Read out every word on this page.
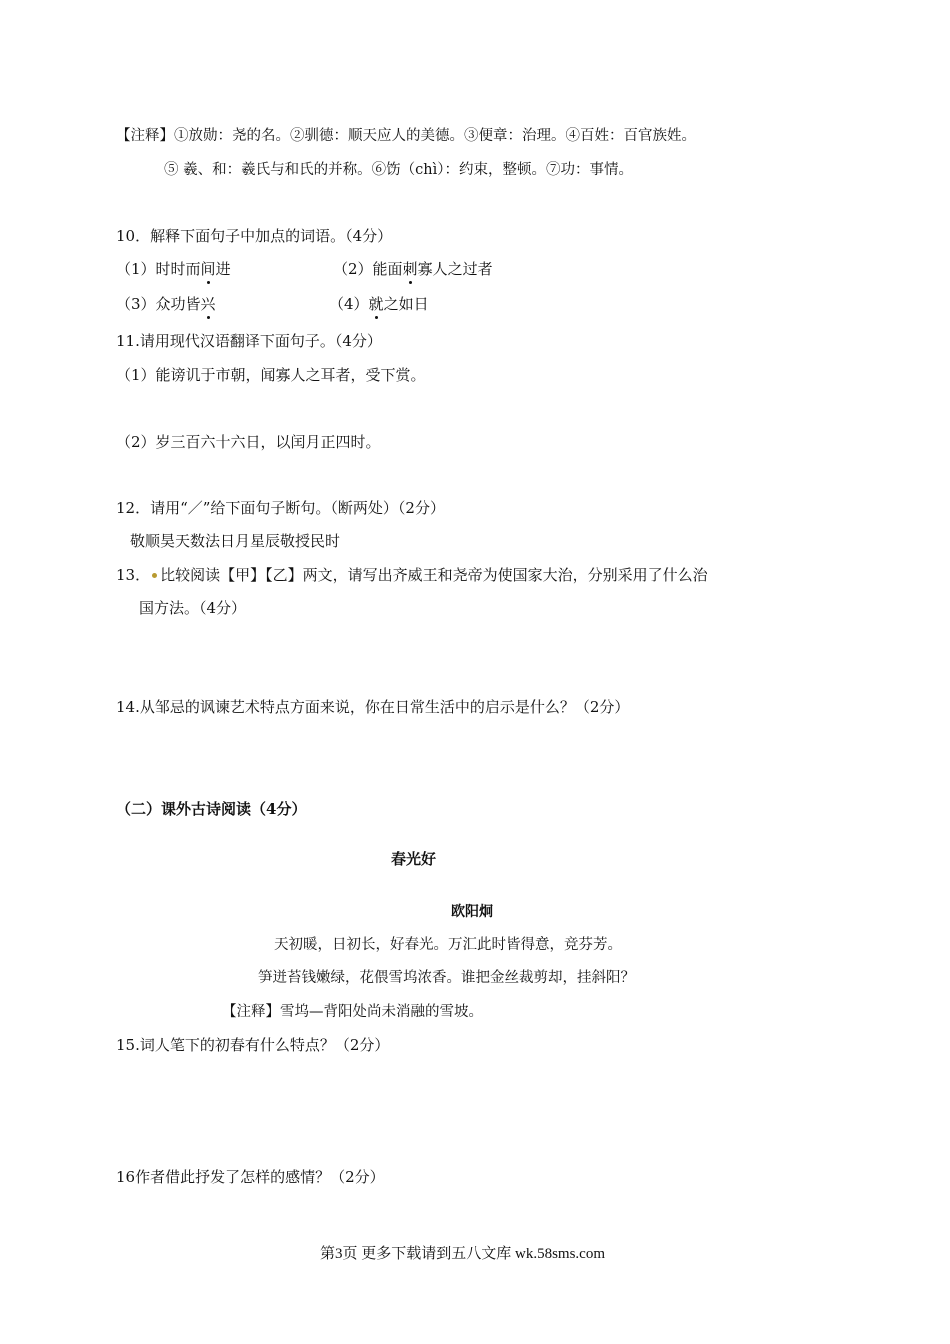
【注释】①放勋：尧的名。②驯德：顺天应人的美德。③便章：治理。④百姓：百官族姓。
⑤ 羲、和：羲氏与和氏的并称。⑥饬（chì）：约束，整顿。⑦功：事情。
10．解释下面句子中加点的词语。（4分）
（1）时时而间进	（2）能面刺寡人之过者
（3）众功皆兴	（4）就之如日
11.请用现代汉语翻译下面句子。（4分）
（1）能谤讥于市朝，闻寡人之耳者，受下赏。
（2）岁三百六十六日，以闰月正四时。
12．请用“／”给下面句子断句。（断两处）（2分）
敬顺昊天数法日月星辰敬授民时
13． 比较阅读【甲】【乙】两文，请写出齐威王和尧帝为使国家大治，分别采用了什么治
国方法。（4分）
14.从邹忌的讽谏艺术特点方面来说，你在日常生活中的启示是什么？（2分）
（二）课外古诗阅读（4分）
春光好
欧阳炯
天初暖，日初长，好春光。万汇此时皆得意，竞芬芳。
笋迸苔钱嫩绿，花偎雪坞浓香。谁把金丝裁剪却，挂斜阳？
【注释】雪坞—背阳处尚未消融的雪坡。
15.词人笔下的初春有什么特点？（2分）
16作者借此抒发了怎样的感情？（2分）
第3页 更多下载请到五八文库 wk.58sms.com
